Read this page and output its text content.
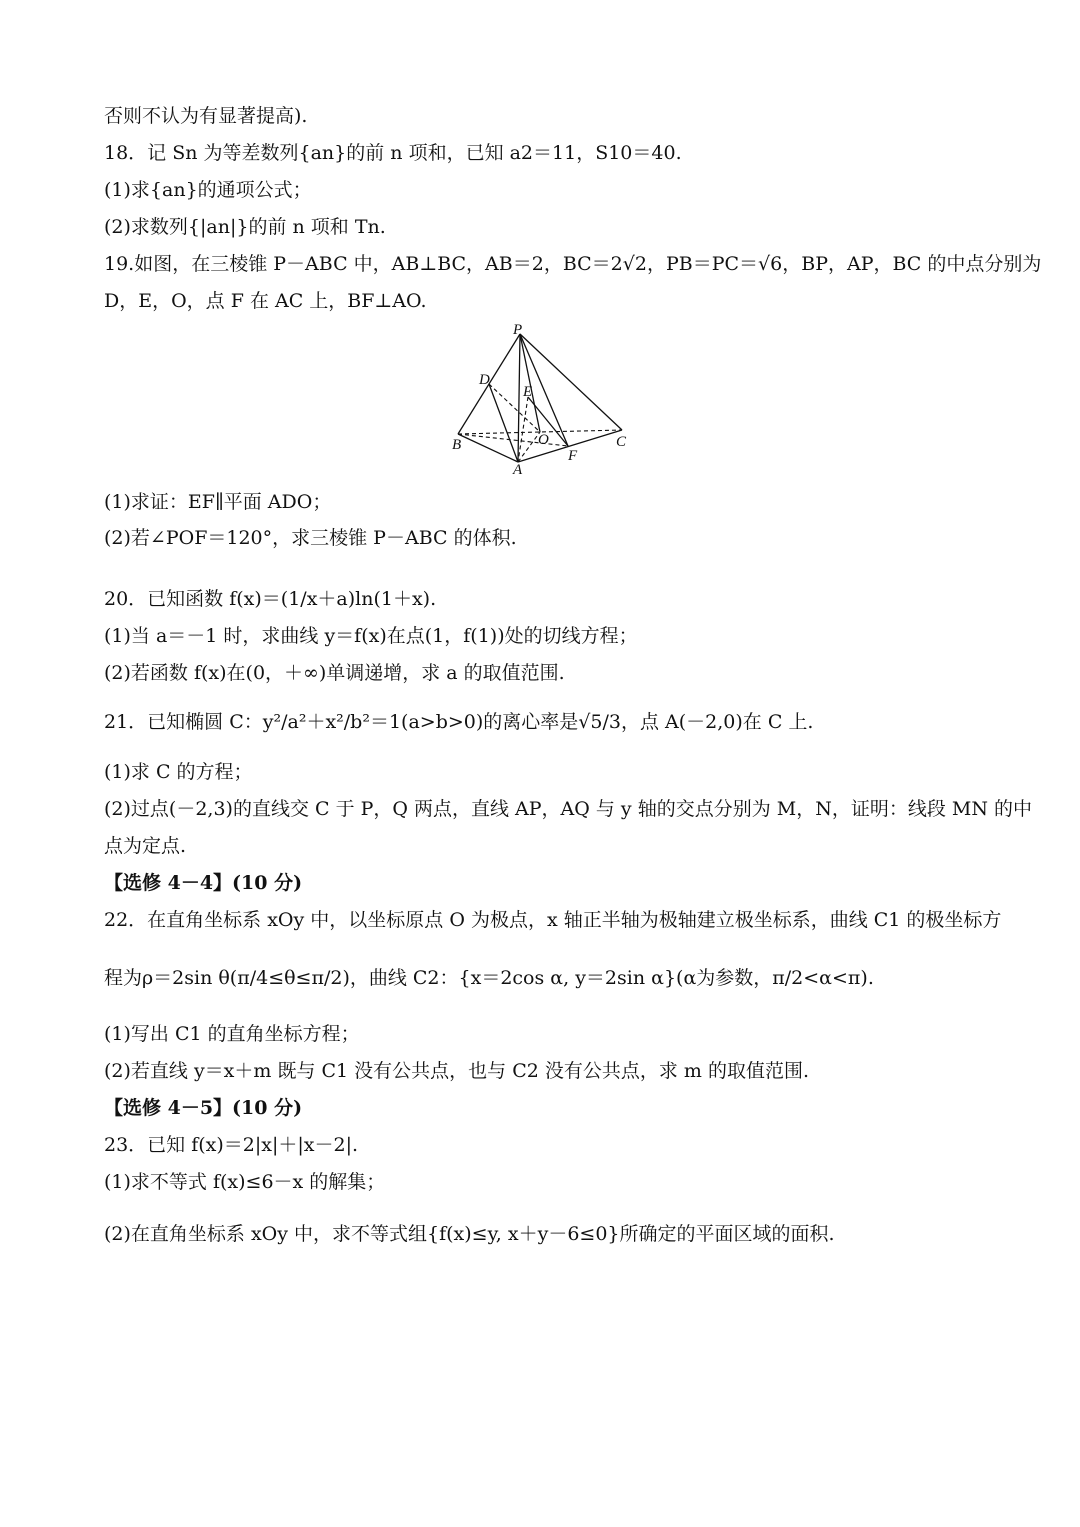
否则不认为有显著提高).
18．记 Sn 为等差数列{an}的前 n 项和，已知 a2＝11，S10＝40.
(1)求{an}的通项公式；
(2)求数列{|an|}的前 n 项和 Tn.
19.如图，在三棱锥 P－ABC 中，AB⊥BC，AB＝2，BC＝2√2，PB＝PC＝√6，BP，AP，BC 的中点分别为
D，E，O，点 F 在 AC 上，BF⊥AO.
P
D
E
B	O	C
F
A
(1)求证：EF∥平面 ADO；
(2)若∠POF＝120°，求三棱锥 P－ABC 的体积.
20．已知函数 f(x)＝(1/x＋a)ln(1＋x).
(1)当 a＝－1 时，求曲线 y＝f(x)在点(1，f(1))处的切线方程；
(2)若函数 f(x)在(0，＋∞)单调递增，求 a 的取值范围.
21．已知椭圆 C：y²/a²＋x²/b²＝1(a>b>0)的离心率是√5/3，点 A(－2,0)在 C 上.
(1)求 C 的方程；
(2)过点(－2,3)的直线交 C 于 P，Q 两点，直线 AP，AQ 与 y 轴的交点分别为 M，N，证明：线段 MN 的中
点为定点.
【选修 4－4】(10 分)
22．在直角坐标系 xOy 中，以坐标原点 O 为极点，x 轴正半轴为极轴建立极坐标系，曲线 C1 的极坐标方
程为ρ＝2sin θ(π/4≤θ≤π/2)，曲线 C2：{x＝2cos α, y＝2sin α}(α为参数，π/2<α<π).
(1)写出 C1 的直角坐标方程；
(2)若直线 y＝x＋m 既与 C1 没有公共点，也与 C2 没有公共点，求 m 的取值范围.
【选修 4－5】(10 分)
23．已知 f(x)＝2|x|＋|x－2|.
(1)求不等式 f(x)≤6－x 的解集；
(2)在直角坐标系 xOy 中，求不等式组{f(x)≤y, x＋y－6≤0}所确定的平面区域的面积.
